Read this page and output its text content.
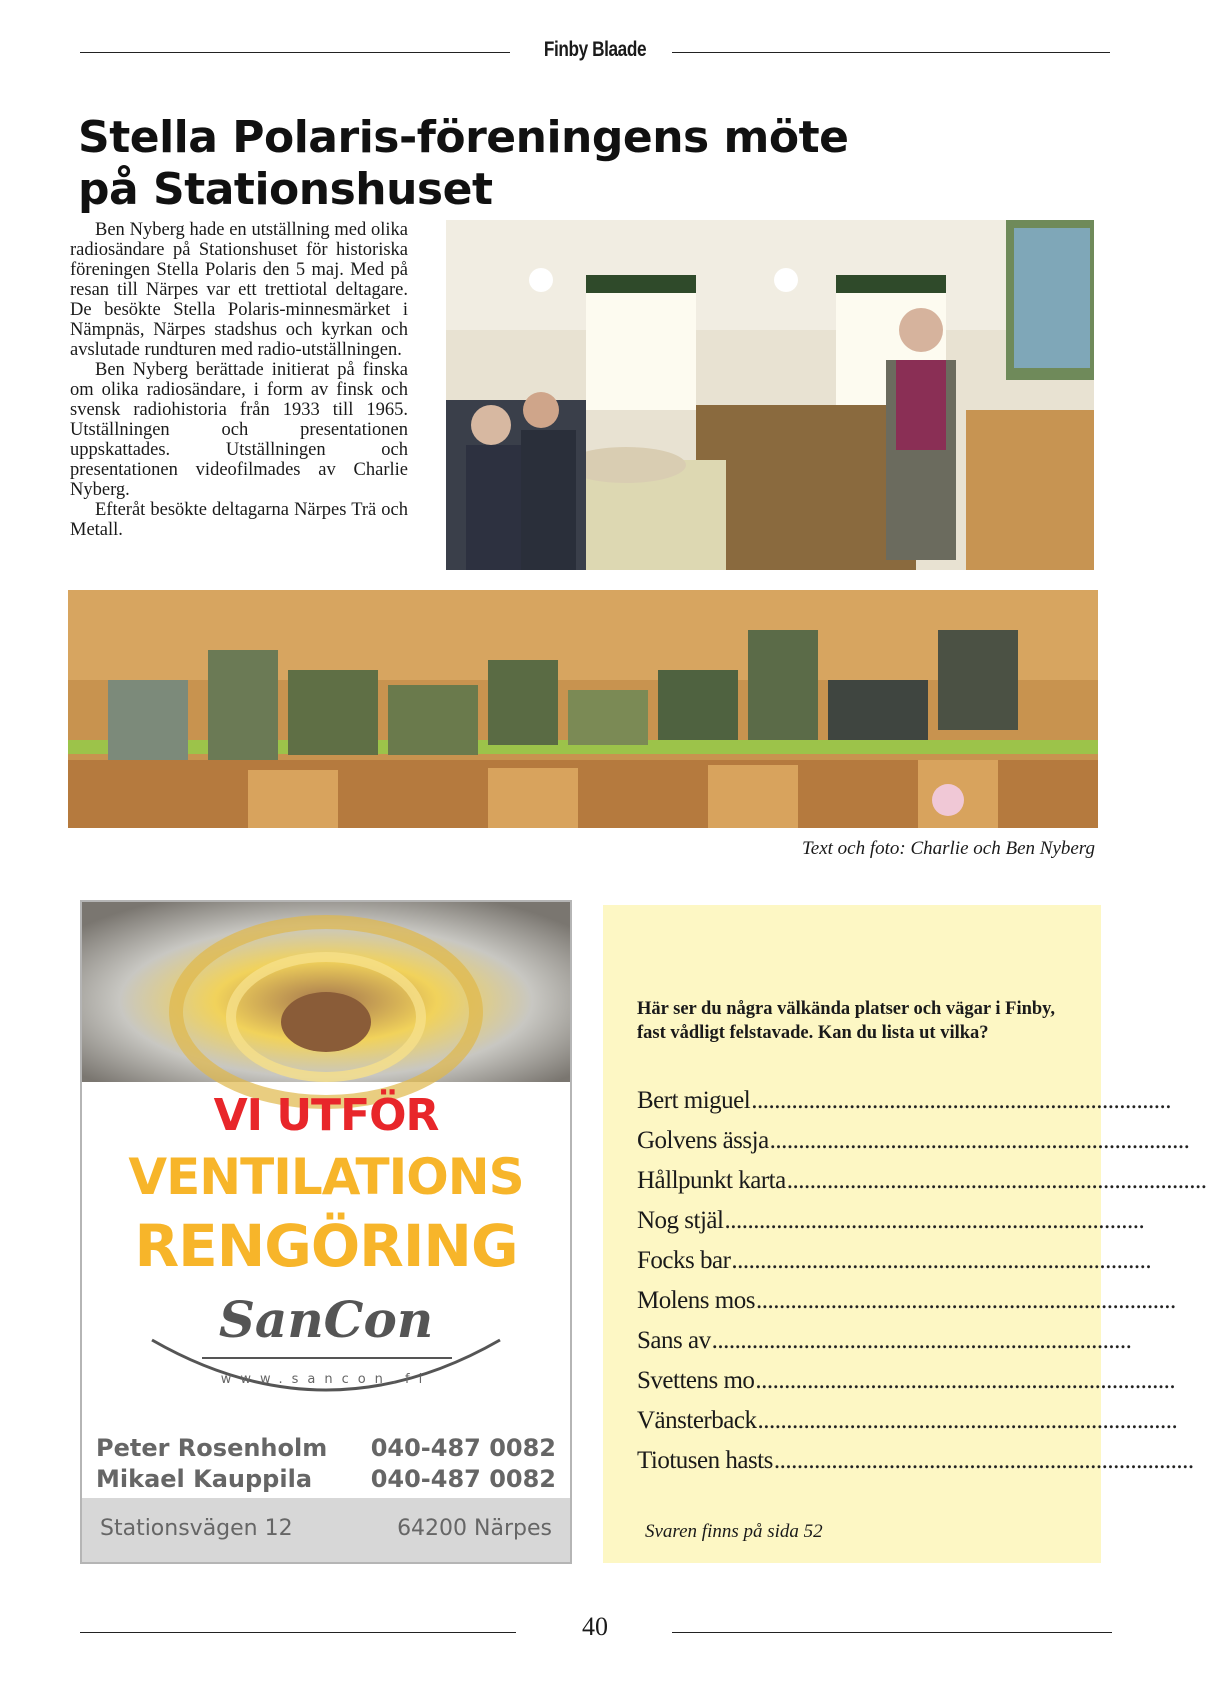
Finby Blaade
Stella Polaris-föreningens möte
på Stationshuset

Ben Nyberg hade en utställning med olika radiosändare på Stationshuset för historiska föreningen Stella Polaris den 5 maj. Med på resan till Närpes var ett trettiotal deltagare. De besökte Stella Polaris-minnesmärket i Nämpnäs, Närpes stadshus och kyrkan och avslutade rundturen med radio-utställningen.

Ben Nyberg berättade initierat på finska om olika radiosändare, i form av finsk och svensk radiohistoria från 1933 till 1965. Utställningen och presentationen uppskattades. Utställningen och presentationen videofilmades av Charlie Nyberg.

Efteråt besökte deltagarna Närpes Trä och Metall.

Text och foto: Charlie och Ben Nyberg
VI UTFÖR
VENTILATIONS
RENGÖRING
SanCon
www.sancon.fi
Peter Rosenholm 040-487 0082
Mikael Kauppila 040-487 0082
Stationsvägen 12	64200 Närpes
Här ser du några välkända platser och vägar i Finby, fast vådligt felstavade. Kan du lista ut vilka?
Bert miguel .........................................................................
Golvens ässja .........................................................................
Hållpunkt karta .........................................................................
Nog stjäl .........................................................................
Focks bar .........................................................................
Molens mos .........................................................................
Sans av .........................................................................
Svettens mo .........................................................................
Vänsterback .........................................................................
Tiotusen hasts .........................................................................
Svaren finns på sida 52
40
